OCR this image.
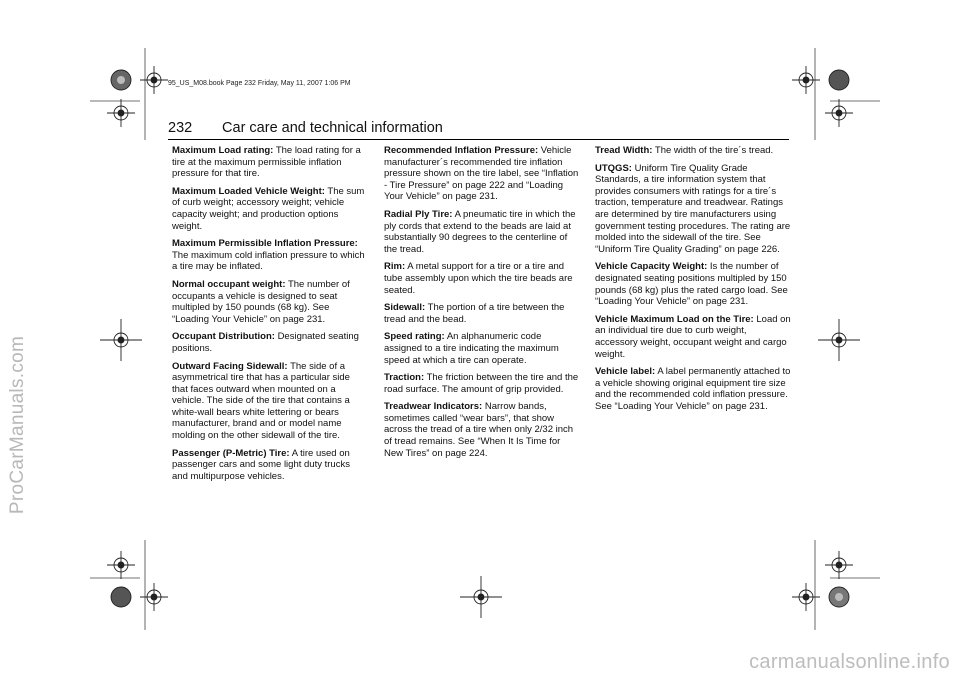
ProCarManuals.com
95_US_M08.book Page 232 Friday, May 11, 2007 1:06 PM
232 Car care and technical information

Maximum Load rating: The load rating for a tire at the maximum permissible inflation pressure for that tire.

Maximum Loaded Vehicle Weight: The sum of curb weight; accessory weight; vehicle capacity weight; and production options weight.

Maximum Permissible Inflation Pressure: The maximum cold inflation pressure to which a tire may be inflated.

Normal occupant weight: The number of occupants a vehicle is designed to seat multipled by 150 pounds (68 kg). See “Loading Your Vehicle” on page 231.

Occupant Distribution: Designated seating positions.

Outward Facing Sidewall: The side of a asymmetrical tire that has a particular side that faces outward when mounted on a vehicle. The side of the tire that contains a white-wall bears white lettering or bears manufacturer, brand and or model name molding on the other sidewall of the tire.

Passenger (P-Metric) Tire: A tire used on passenger cars and some light duty trucks and multipurpose vehicles.

Recommended Inflation Pressure: Vehicle manufacturer´s recommended tire inflation pressure shown on the tire label, see “Inflation - Tire Pressure” on page 222 and “Loading Your Vehicle” on page 231.

Radial Ply Tire: A pneumatic tire in which the ply cords that extend to the beads are laid at substantially 90 degrees to the centerline of the tread.

Rim: A metal support for a tire or a tire and tube assembly upon which the tire beads are seated.

Sidewall: The portion of a tire between the tread and the bead.

Speed rating: An alphanumeric code assigned to a tire indicating the maximum speed at which a tire can operate.

Traction: The friction between the tire and the road surface. The amount of grip provided.

Treadwear Indicators: Narrow bands, sometimes called “wear bars”, that show across the tread of a tire when only 2/32 inch of tread remains. See “When It Is Time for New Tires” on page 224.

Tread Width: The width of the tire´s tread.

UTQGS: Uniform Tire Quality Grade Standards, a tire information system that provides consumers with ratings for a tire´s traction, temperature and treadwear. Ratings are determined by tire manufacturers using government testing procedures. The rating are molded into the sidewall of the tire. See “Uniform Tire Quality Grading” on page 226.

Vehicle Capacity Weight: Is the number of designated seating positions multipled by 150 pounds (68 kg) plus the rated cargo load. See “Loading Your Vehicle” on page 231.

Vehicle Maximum Load on the Tire: Load on an individual tire due to curb weight, accessory weight, occupant weight and cargo weight.

Vehicle label: A label permanently attached to a vehicle showing original equipment tire size and the recommended cold inflation pressure. See “Loading Your Vehicle” on page 231.

carmanualsonline.info
